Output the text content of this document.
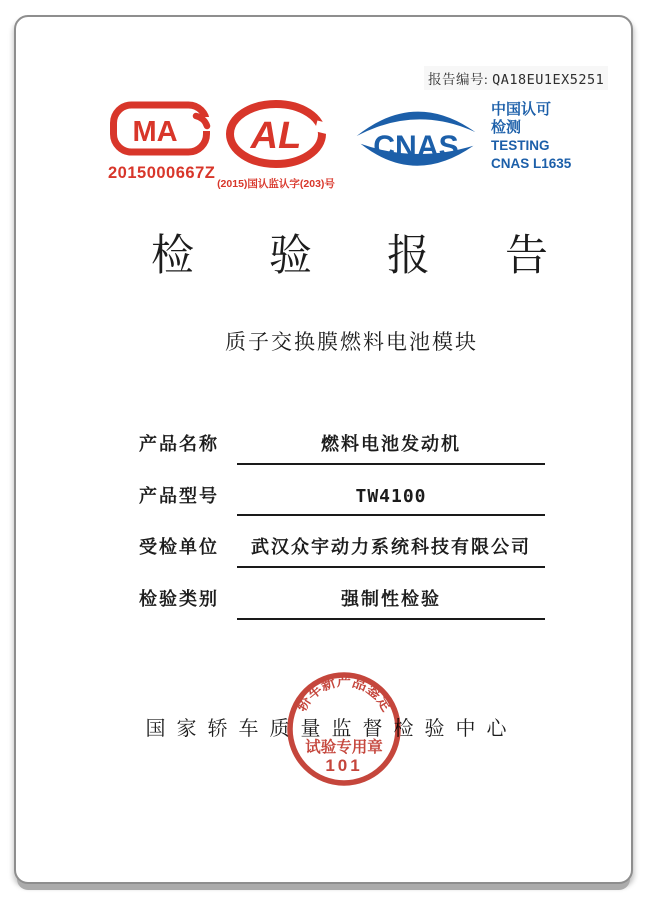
报告编号: QA18EU1EX5251
MA
2015000667Z
AL
(2015)国认监认字(203)号
CNAS
中国认可
检测
TESTING
CNAS L1635
检 验 报 告
质子交换膜燃料电池模块
产品名称	燃料电池发动机
产品型号	TW4100
受检单位	武汉众宇动力系统科技有限公司
检验类别	强制性检验
国家轿车质量监督检验中心
轿车新产品鉴定
试验专用章
101
